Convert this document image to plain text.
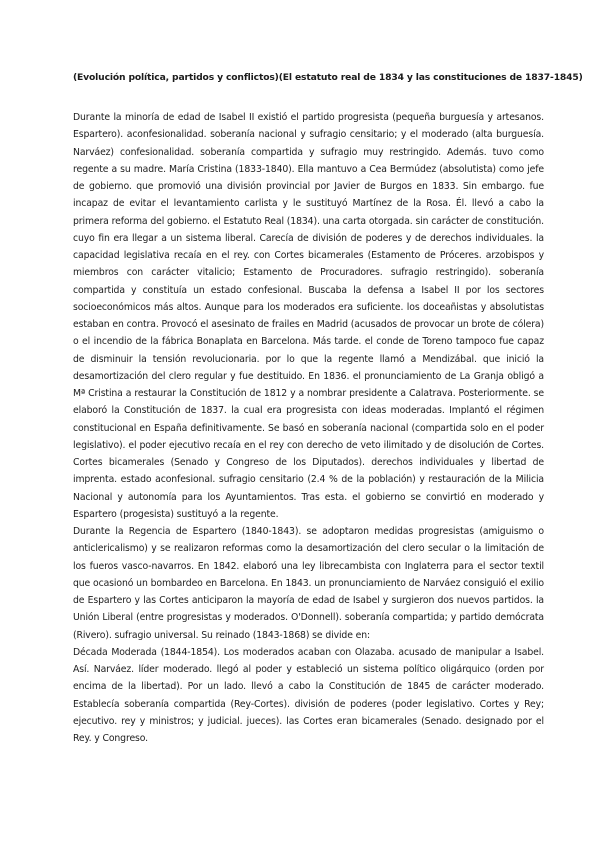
(Evolución política, partidos y conflictos)(El estatuto real de 1834 y las constituciones de 1837-1845)

Durante la minoría de edad de Isabel II existió el partido progresista (pequeña burguesía y artesanos. Espartero). aconfesionalidad. soberanía nacional y sufragio censitario; y el moderado (alta burguesía. Narváez) confesionalidad. soberanía compartida y sufragio muy restringido. Además. tuvo como regente a su madre. María Cristina (1833-1840). Ella mantuvo a Cea Bermúdez (absolutista) como jefe de gobierno. que promovió una división provincial por Javier de Burgos en 1833. Sin embargo. fue incapaz de evitar el levantamiento carlista y le sustituyó Martínez de la Rosa. Él. llevó a cabo la primera reforma del gobierno. el Estatuto Real (1834). una carta otorgada. sin carácter de constitución. cuyo fin era llegar a un sistema liberal. Carecía de división de poderes y de derechos individuales. la capacidad legislativa recaía en el rey. con Cortes bicamerales (Estamento de Próceres. arzobispos y miembros con carácter vitalicio; Estamento de Procuradores. sufragio restringido). soberanía compartida y constituía un estado confesional. Buscaba la defensa a Isabel II por los sectores socioeconómicos más altos. Aunque para los moderados era suficiente. los doceañistas y absolutistas estaban en contra. Provocó el asesinato de frailes en Madrid (acusados de provocar un brote de cólera) o el incendio de la fábrica Bonaplata en Barcelona. Más tarde. el conde de Toreno tampoco fue capaz de disminuir la tensión revolucionaria. por lo que la regente llamó a Mendizábal. que inició la desamortización del clero regular y fue destituido. En 1836. el pronunciamiento de La Granja obligó a Mª Cristina a restaurar la Constitución de 1812 y a nombrar presidente a Calatrava. Posteriormente. se elaboró la Constitución de 1837. la cual era progresista con ideas moderadas. Implantó el régimen constitucional en España definitivamente. Se basó en soberanía nacional (compartida solo en el poder legislativo). el poder ejecutivo recaía en el rey con derecho de veto ilimitado y de disolución de Cortes. Cortes bicamerales (Senado y Congreso de los Diputados). derechos individuales y libertad de imprenta. estado aconfesional. sufragio censitario (2.4 % de la población) y restauración de la Milicia Nacional y autonomía para los Ayuntamientos. Tras esta. el gobierno se convirtió en moderado y Espartero (progesista) sustituyó a la regente.

Durante la Regencia de Espartero (1840-1843). se adoptaron medidas progresistas (amiguismo o anticlericalismo) y se realizaron reformas como la desamortización del clero secular o la limitación de los fueros vasco-navarros. En 1842. elaboró una ley librecambista con Inglaterra para el sector textil que ocasionó un bombardeo en Barcelona. En 1843. un pronunciamiento de Narváez consiguió el exilio de Espartero y las Cortes anticiparon la mayoría de edad de Isabel y surgieron dos nuevos partidos. la Unión Liberal (entre progresistas y moderados. O'Donnell). soberanía compartida; y partido demócrata (Rivero). sufragio universal. Su reinado (1843-1868) se divide en:

Década Moderada (1844-1854). Los moderados acaban con Olazaba. acusado de manipular a Isabel. Así. Narváez. líder moderado. llegó al poder y estableció un sistema político oligárquico (orden por encima de la libertad). Por un lado. llevó a cabo la Constitución de 1845 de carácter moderado. Establecía soberanía compartida (Rey-Cortes). división de poderes (poder legislativo. Cortes y Rey; ejecutivo. rey y ministros; y judicial. jueces). las Cortes eran bicamerales (Senado. designado por el Rey. y Congreso.
